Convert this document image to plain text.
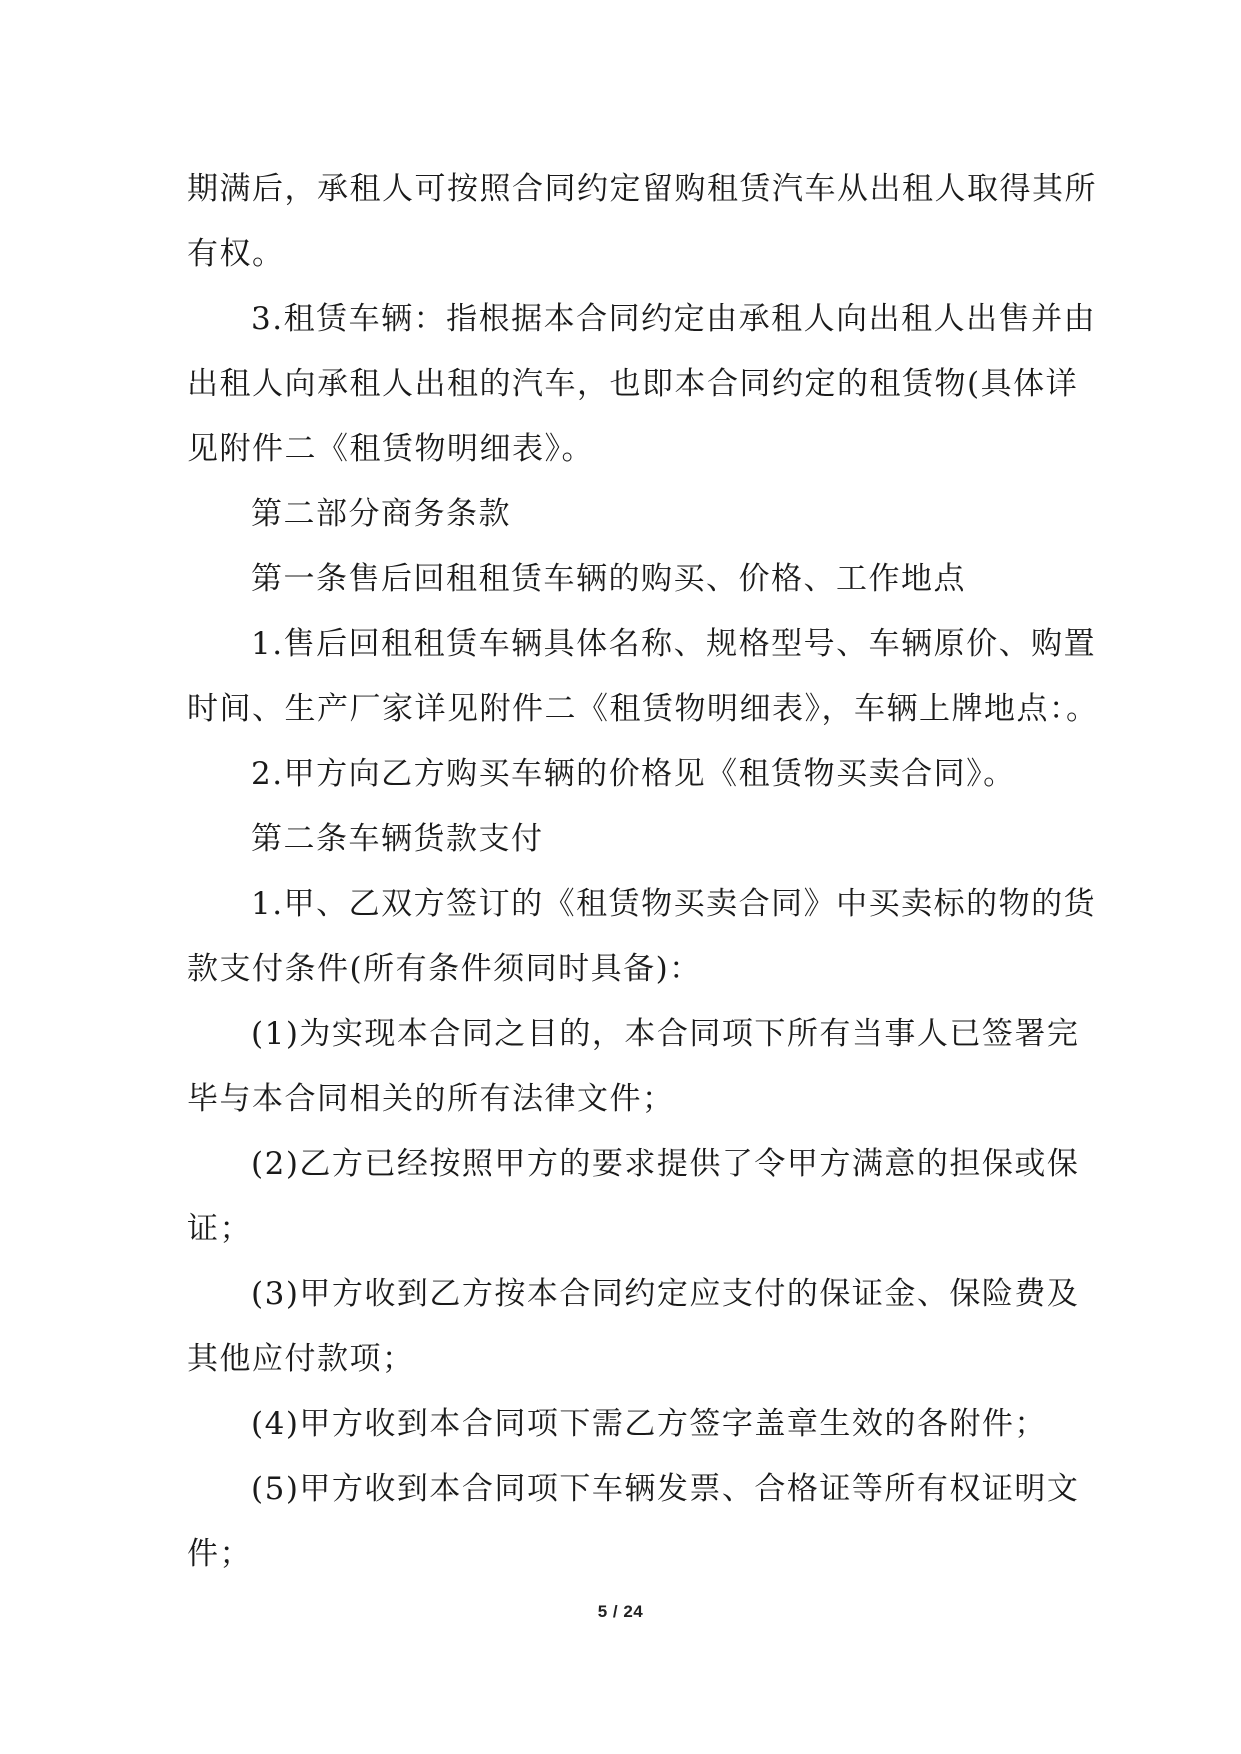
期满后，承租人可按照合同约定留购租赁汽车从出租人取得其所
有权。
3.租赁车辆：指根据本合同约定由承租人向出租人出售并由
出租人向承租人出租的汽车，也即本合同约定的租赁物(具体详
见附件二《租赁物明细表》。
第二部分商务条款
第一条售后回租租赁车辆的购买、价格、工作地点
1.售后回租租赁车辆具体名称、规格型号、车辆原价、购置
时间、生产厂家详见附件二《租赁物明细表》，车辆上牌地点：。
2.甲方向乙方购买车辆的价格见《租赁物买卖合同》。
第二条车辆货款支付
1.甲、乙双方签订的《租赁物买卖合同》中买卖标的物的货
款支付条件(所有条件须同时具备)：
(1)为实现本合同之目的，本合同项下所有当事人已签署完
毕与本合同相关的所有法律文件；
(2)乙方已经按照甲方的要求提供了令甲方满意的担保或保
证；
(3)甲方收到乙方按本合同约定应支付的保证金、保险费及
其他应付款项；
(4)甲方收到本合同项下需乙方签字盖章生效的各附件；
(5)甲方收到本合同项下车辆发票、合格证等所有权证明文
件；
5 / 24
